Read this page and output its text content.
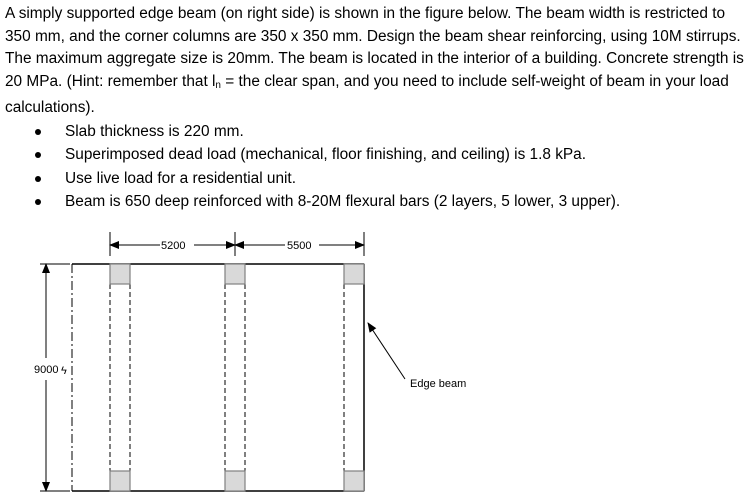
A simply supported edge beam (on right side) is shown in the figure below. The beam width is restricted to 350 mm, and the corner columns are 350 x 350 mm. Design the beam shear reinforcing, using 10M stirrups. The maximum aggregate size is 20mm. The beam is located in the interior of a building. Concrete strength is 20 MPa. (Hint: remember that $l_n$ = the clear span, and you need to include self-weight of beam in your load calculations).

Slab thickness is 220 mm.
Superimposed dead load (mechanical, floor finishing, and ceiling) is 1.8 kPa.
Use live load for a residential unit.
Beam is 650 deep reinforced with 8-20M flexural bars (2 layers, 5 lower, 3 upper).
5200	5500
9000 ϟ
Edge beam
